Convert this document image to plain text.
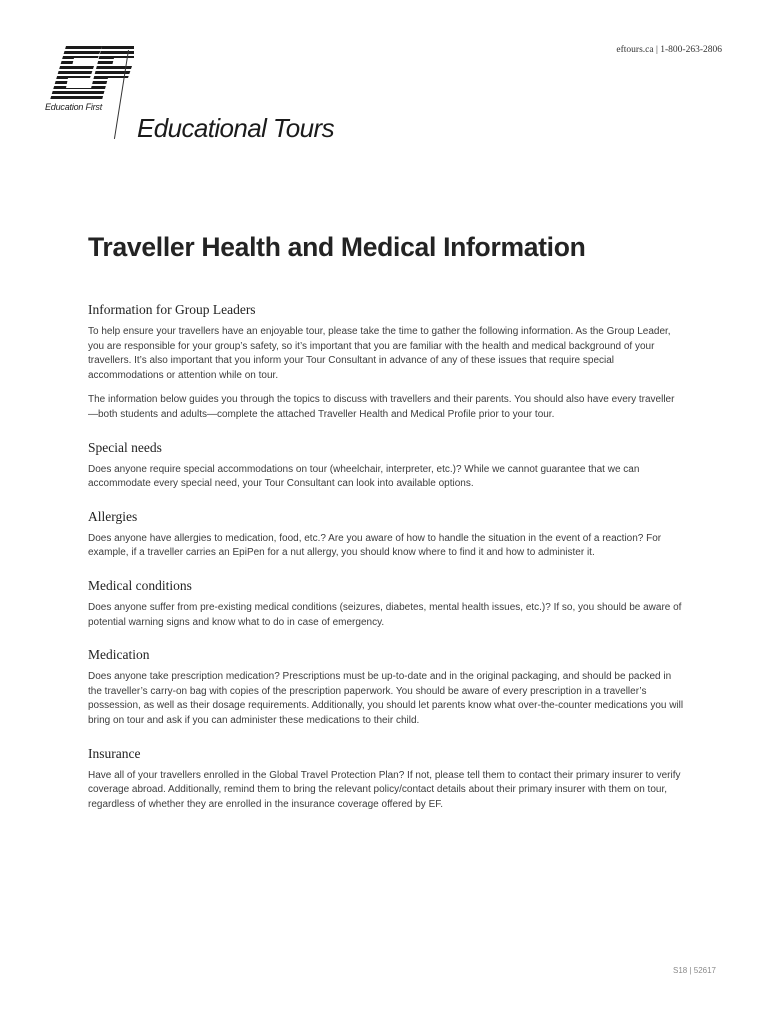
Education First
Educational Tours
eftours.ca | 1-800-263-2806
Traveller Health and Medical Information
Information for Group Leaders

To help ensure your travellers have an enjoyable tour, please take the time to gather the following information. As the Group Leader, you are responsible for your group’s safety, so it’s important that you are familiar with the health and medical background of your travellers. It’s also important that you inform your Tour Consultant in advance of any of these issues that require special accommodations or attention while on tour.

The information below guides you through the topics to discuss with travellers and their parents. You should also have every traveller—both students and adults—complete the attached Traveller Health and Medical Profile prior to your tour.

Special needs

Does anyone require special accommodations on tour (wheelchair, interpreter, etc.)? While we cannot guarantee that we can accommodate every special need, your Tour Consultant can look into available options.

Allergies

Does anyone have allergies to medication, food, etc.? Are you aware of how to handle the situation in the event of a reaction? For example, if a traveller carries an EpiPen for a nut allergy, you should know where to find it and how to administer it.

Medical conditions

Does anyone suffer from pre-existing medical conditions (seizures, diabetes, mental health issues, etc.)? If so, you should be aware of potential warning signs and know what to do in case of emergency.

Medication

Does anyone take prescription medication? Prescriptions must be up-to-date and in the original packaging, and should be packed in the traveller’s carry-on bag with copies of the prescription paperwork. You should be aware of every prescription in a traveller’s possession, as well as their dosage requirements. Additionally, you should let parents know what over-the-counter medications you will bring on tour and ask if you can administer these medications to their child.

Insurance

Have all of your travellers enrolled in the Global Travel Protection Plan? If not, please tell them to contact their primary insurer to verify coverage abroad. Additionally, remind them to bring the relevant policy/contact details about their primary insurer with them on tour, regardless of whether they are enrolled in the insurance coverage offered by EF.

S18 | 52617
